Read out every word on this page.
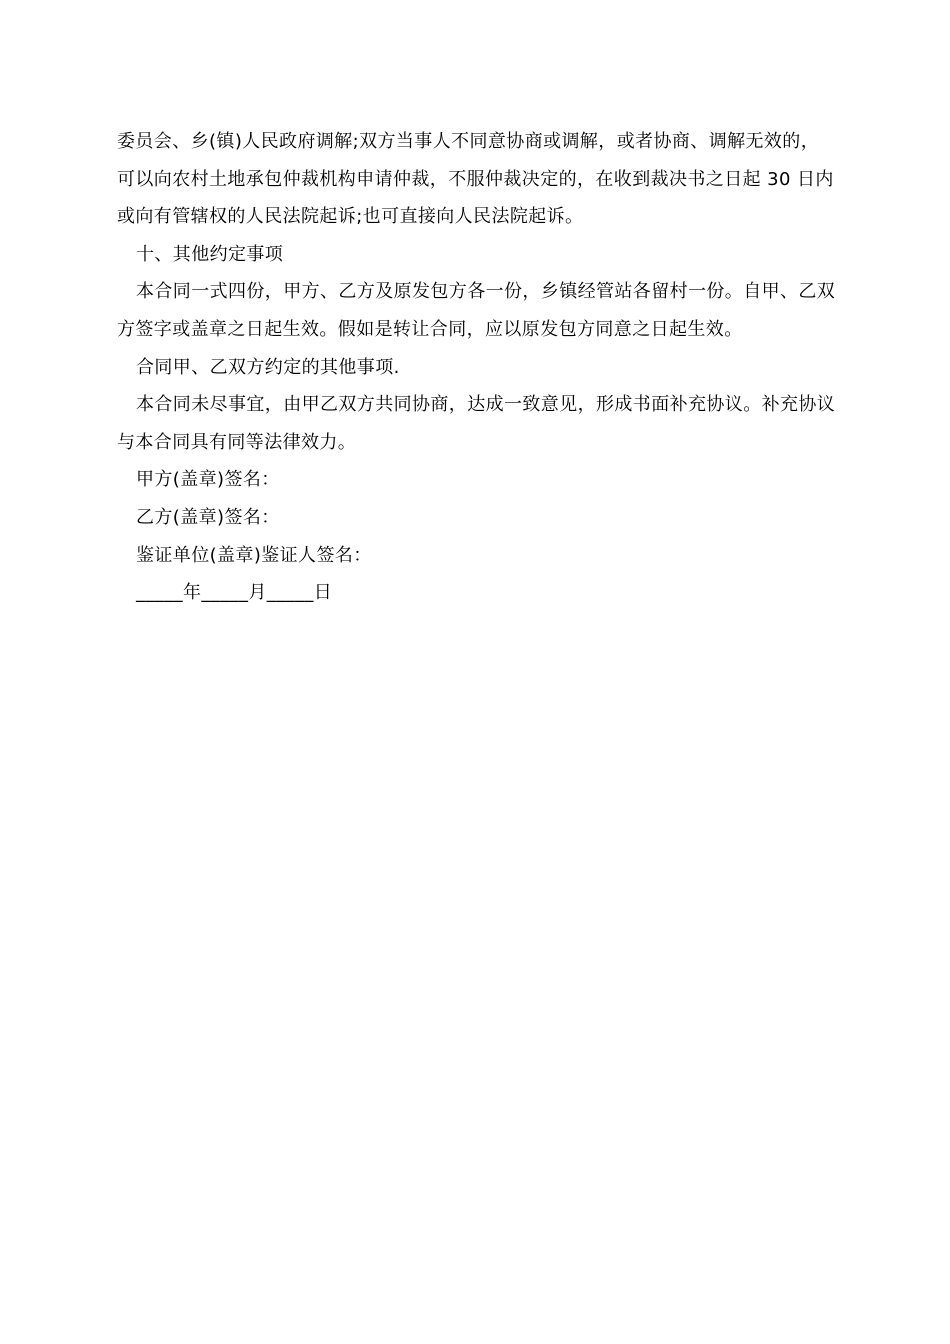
委员会、乡(镇)人民政府调解;双方当事人不同意协商或调解，或者协商、调解无效的，可以向农村土地承包仲裁机构申请仲裁，不服仲裁决定的，在收到裁决书之日起 30 日内或向有管辖权的人民法院起诉;也可直接向人民法院起诉。

十、其他约定事项

本合同一式四份，甲方、乙方及原发包方各一份，乡镇经管站各留村一份。自甲、乙双方签字或盖章之日起生效。假如是转让合同，应以原发包方同意之日起生效。

合同甲、乙双方约定的其他事项.

本合同未尽事宜，由甲乙双方共同协商，达成一致意见，形成书面补充协议。补充协议与本合同具有同等法律效力。

甲方(盖章)签名：

乙方(盖章)签名：

鉴证单位(盖章)鉴证人签名：

_____年_____月_____日
